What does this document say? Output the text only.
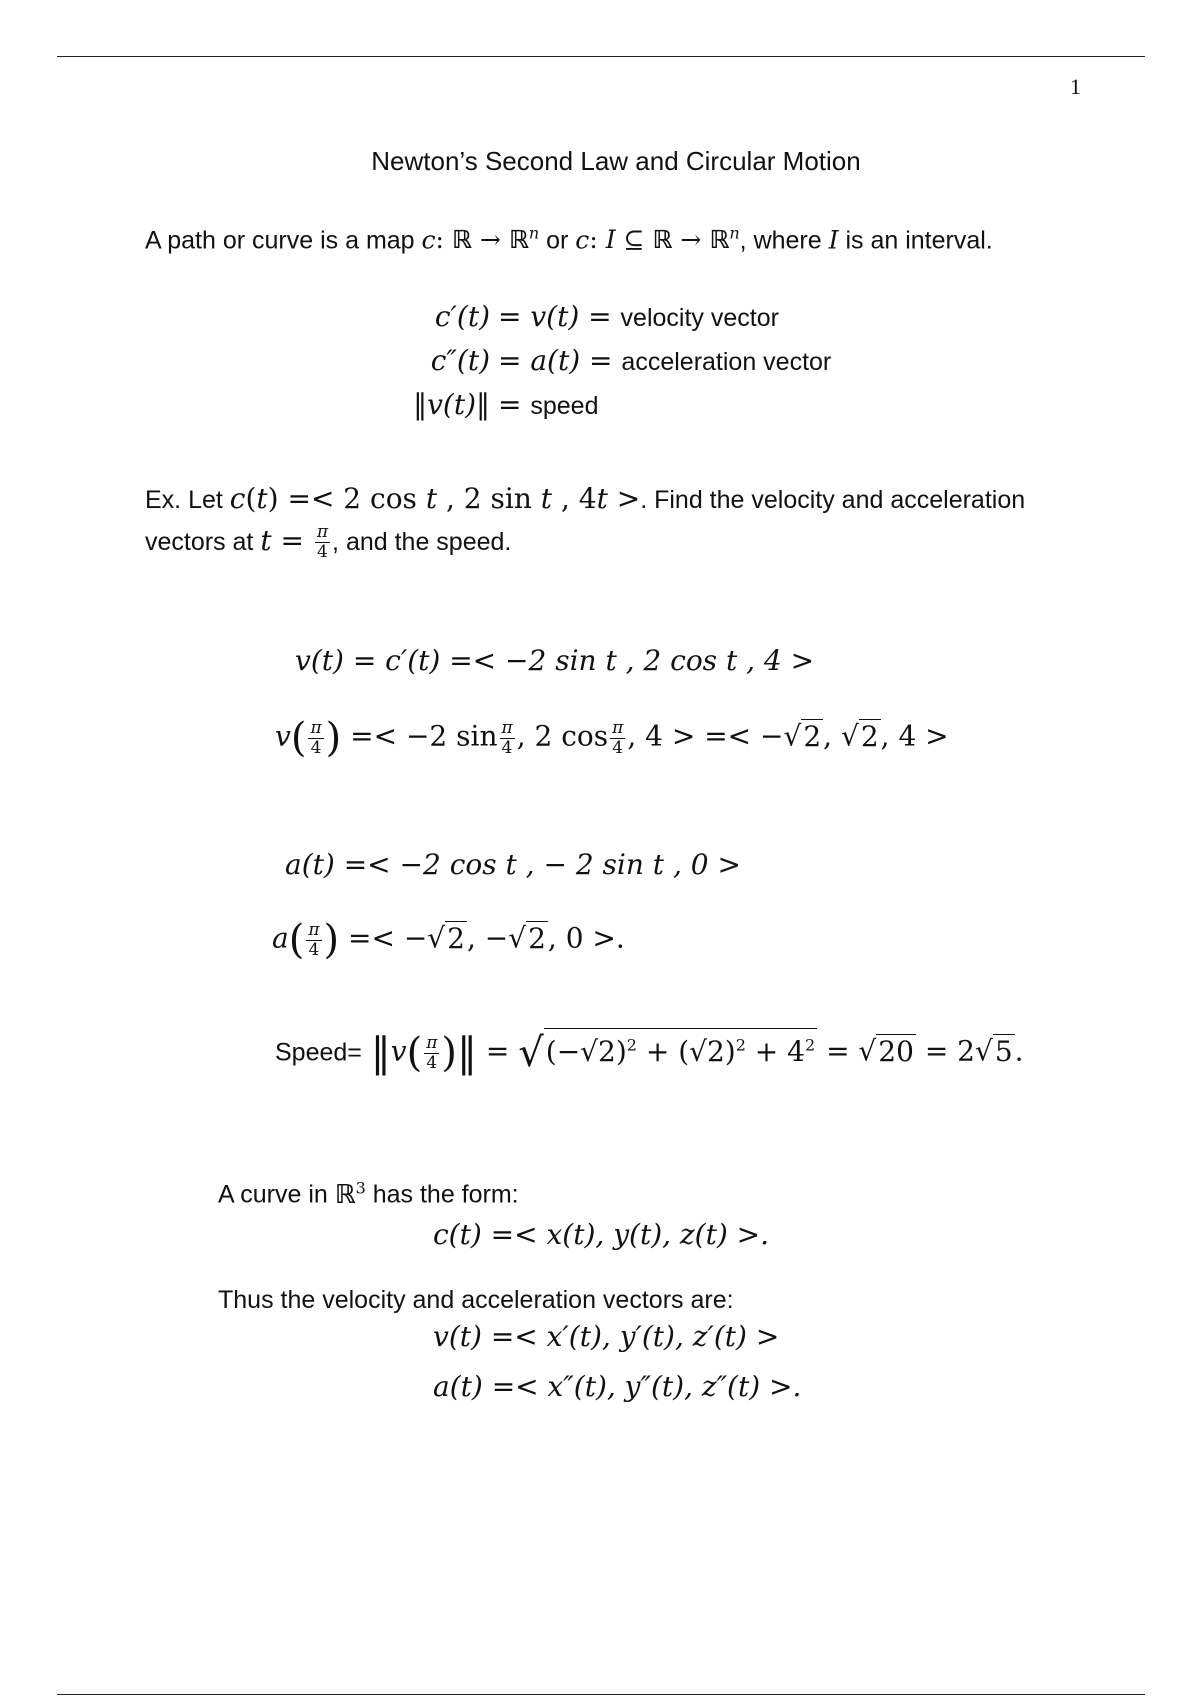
1
Newton’s Second Law and Circular Motion
A path or curve is a map c: ℝ → ℝ$^n$ or c: I ⊆ ℝ → ℝ$^n$, where I is an interval.
c′(t) = v(t) = velocity vector
c″(t) = a(t) = acceleration vector
‖v(t)‖ = speed
Ex. Let c(t) =< 2 cos t , 2 sin t , 4t >. Find the velocity and acceleration
vectors at $t = \frac{\pi}{4}$ , and the speed.
v(t) = c′(t) =< −2 sin t , 2 cos t , 4 >
$v( \frac{\pi}{4}$ ) =< −2 $\sin \frac{\pi}{4}$ , 2 $\cos \frac{\pi}{4}$ , 4 > =< −√2, √2, 4 >
a(t) =< −2 cos t , − 2 sin t , 0 >
$a( \frac{\pi}{4}$ ) =< −√2, −√2, 0 >.
Speed= ‖v( $\frac{\pi}{4}$ )‖ = $√(-√2)^2 + (√2)^2 + 4^2 = √20 = 2√5$.
A curve in ℝ$^3$ has the form:
c(t) =< x(t), y(t), z(t) >.
Thus the velocity and acceleration vectors are:
v(t) =< x′(t), y′(t), z′(t) >
a(t) =< x″(t), y″(t), z″(t) >.
